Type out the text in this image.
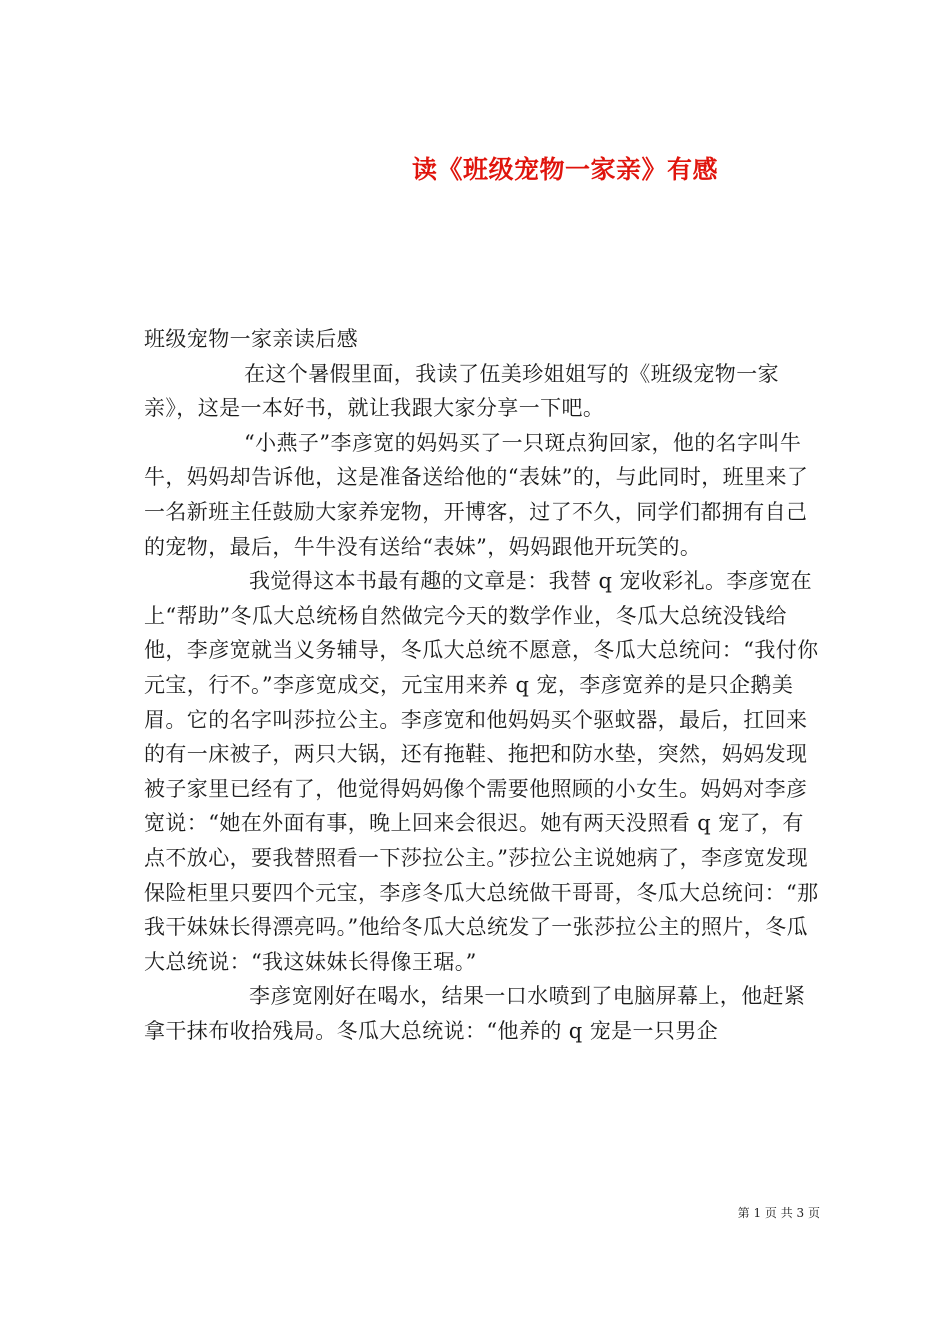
读《班级宠物一家亲》有感

班级宠物一家亲读后感

在这个暑假里面，我读了伍美珍姐姐写的《班级宠物一家亲》，这是一本好书，就让我跟大家分享一下吧。

“小燕子”李彦宽的妈妈买了一只斑点狗回家，他的名字叫牛牛，妈妈却告诉他，这是准备送给他的“表妹”的，与此同时，班里来了一名新班主任鼓励大家养宠物，开博客，过了不久，同学们都拥有自己的宠物，最后，牛牛没有送给“表妹”，妈妈跟他开玩笑的。

我觉得这本书最有趣的文章是：我替 q 宠收彩礼。李彦宽在上“帮助”冬瓜大总统杨自然做完今天的数学作业，冬瓜大总统没钱给他，李彦宽就当义务辅导，冬瓜大总统不愿意，冬瓜大总统问：“我付你元宝，行不。”李彦宽成交，元宝用来养 q 宠，李彦宽养的是只企鹅美眉。它的名字叫莎拉公主。李彦宽和他妈妈买个驱蚊器，最后，扛回来的有一床被子，两只大锅，还有拖鞋、拖把和防水垫，突然，妈妈发现被子家里已经有了，他觉得妈妈像个需要他照顾的小女生。妈妈对李彦宽说：“她在外面有事，晚上回来会很迟。她有两天没照看 q 宠了，有点不放心，要我替照看一下莎拉公主。”莎拉公主说她病了，李彦宽发现保险柜里只要四个元宝，李彦冬瓜大总统做干哥哥，冬瓜大总统问：“那我干妹妹长得漂亮吗。”他给冬瓜大总统发了一张莎拉公主的照片，冬瓜大总统说：“我这妹妹长得像王琚。”

李彦宽刚好在喝水，结果一口水喷到了电脑屏幕上，他赶紧拿干抹布收拾残局。冬瓜大总统说：“他养的 q 宠是一只男企

第 1 页 共 3 页
